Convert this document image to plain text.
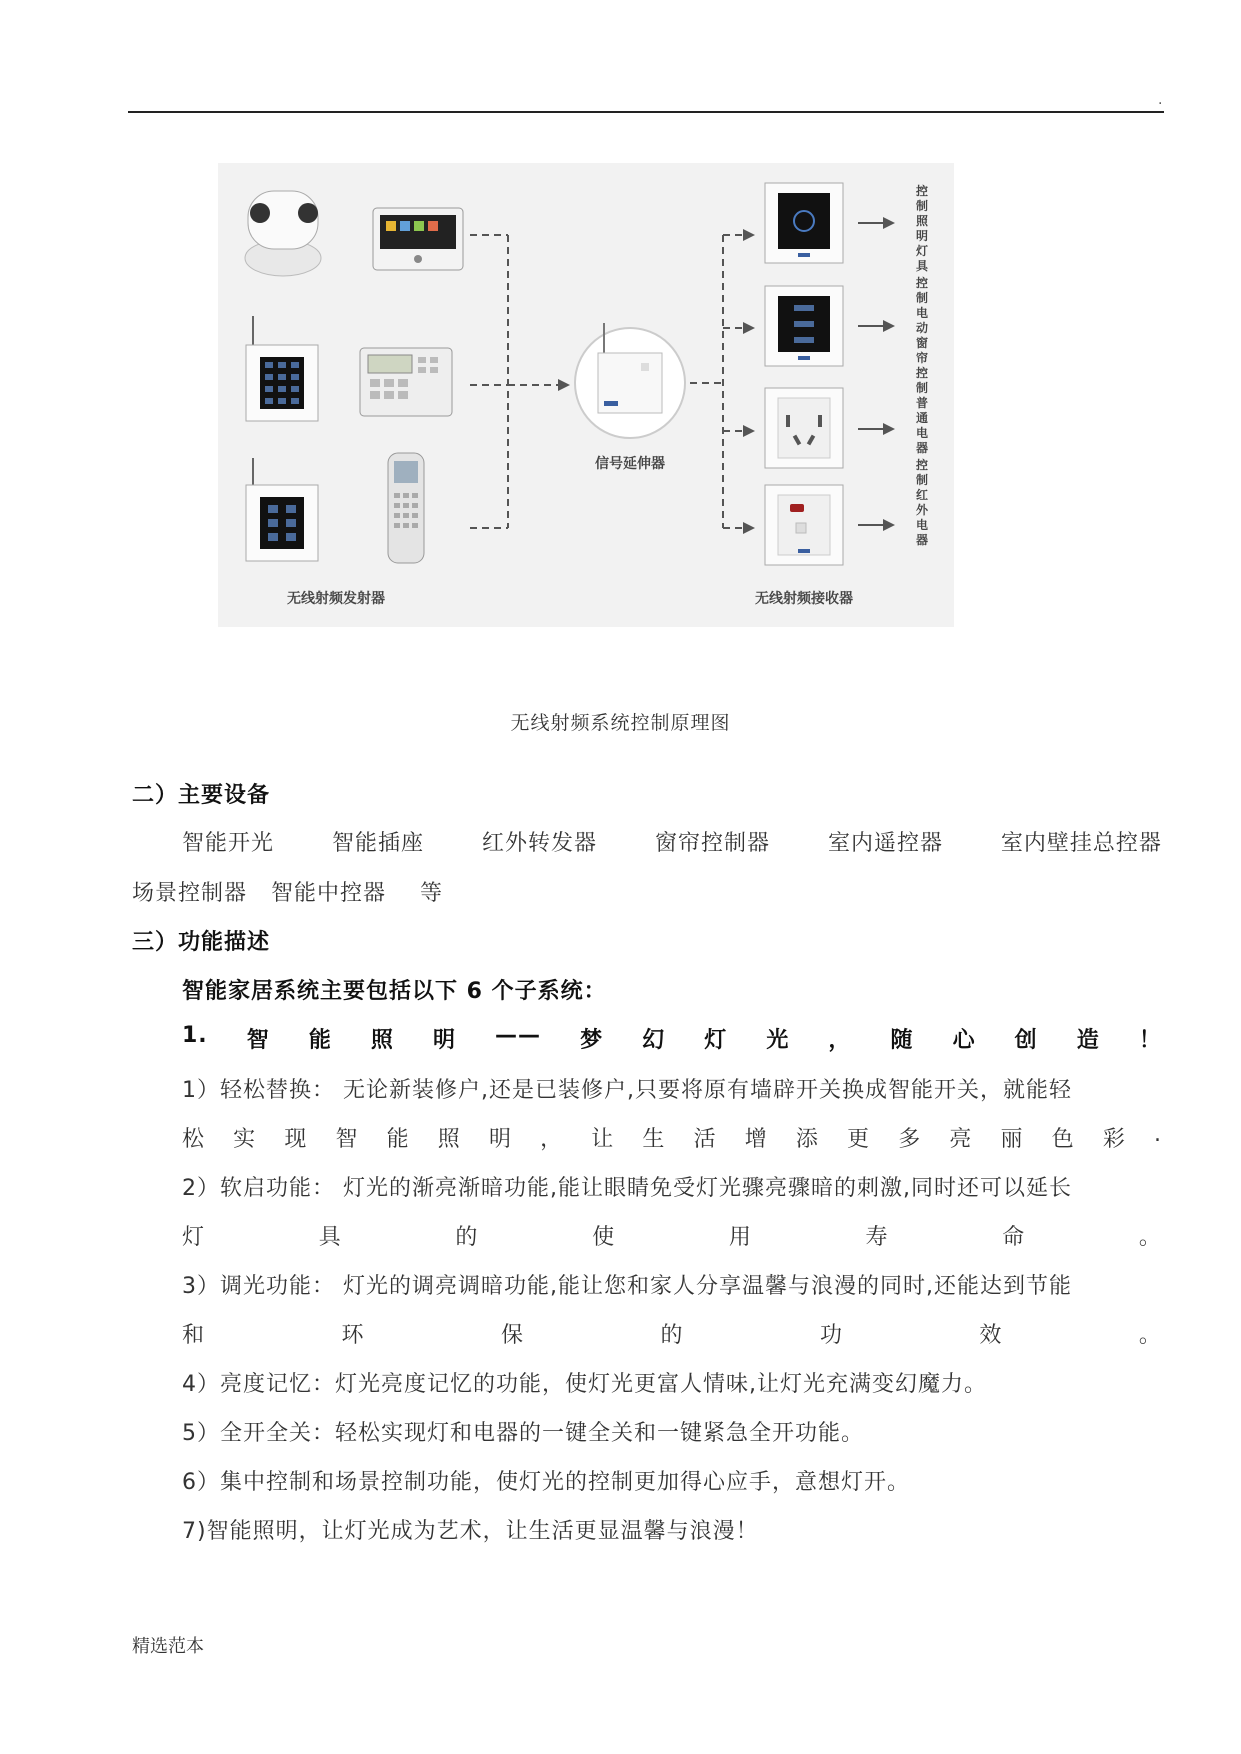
.
信号延伸器
控制照明灯具
控制电动窗帘
控制普通电器
控制红外电器
无线射频发射器	无线射频接收器
无线射频系统控制原理图
二）主要设备
智能开光	智能插座	红外转发器	窗帘控制器	室内遥控器	室内壁挂总控器
场景控制器 智能中控器 等
三）功能描述
智能家居系统主要包括以下 6 个子系统：
1. 智 能 照 明 —— 梦 幻 灯 光 ， 随 心 创 造 ！
1）轻松替换： 无论新装修户,还是已装修户,只要将原有墙辟开关换成智能开关，就能轻
松 实 现 智 能 照 明 ， 让 生 活 增 添 更 多 亮 丽 色 彩 .
2）软启功能： 灯光的渐亮渐暗功能,能让眼睛免受灯光骤亮骤暗的刺激,同时还可以延长
灯	具	的	使	用	寿	命	。
3）调光功能： 灯光的调亮调暗功能,能让您和家人分享温馨与浪漫的同时,还能达到节能
和	环	保	的	功	效	。
4）亮度记忆：灯光亮度记忆的功能，使灯光更富人情味,让灯光充满变幻魔力。
5）全开全关：轻松实现灯和电器的一键全关和一键紧急全开功能。
6）集中控制和场景控制功能，使灯光的控制更加得心应手，意想灯开。
7)智能照明，让灯光成为艺术，让生活更显温馨与浪漫！
精选范本
